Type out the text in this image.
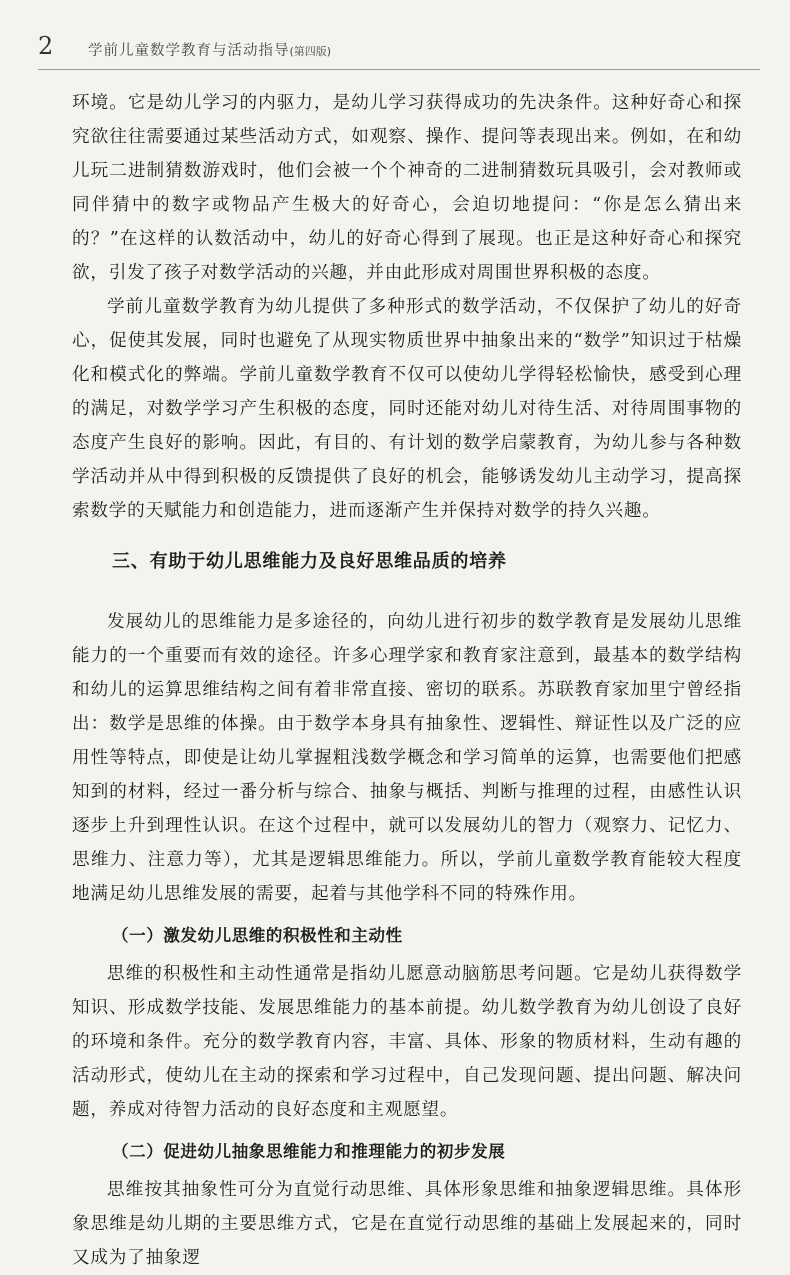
2 学前儿童数学教育与活动指导(第四版)

环境。它是幼儿学习的内驱力，是幼儿学习获得成功的先决条件。这种好奇心和探究欲往往需要通过某些活动方式，如观察、操作、提问等表现出来。例如，在和幼儿玩二进制猜数游戏时，他们会被一个个神奇的二进制猜数玩具吸引，会对教师或同伴猜中的数字或物品产生极大的好奇心，会迫切地提问：“你是怎么猜出来的？”在这样的认数活动中，幼儿的好奇心得到了展现。也正是这种好奇心和探究欲，引发了孩子对数学活动的兴趣，并由此形成对周围世界积极的态度。

学前儿童数学教育为幼儿提供了多种形式的数学活动，不仅保护了幼儿的好奇心，促使其发展，同时也避免了从现实物质世界中抽象出来的“数学”知识过于枯燥化和模式化的弊端。学前儿童数学教育不仅可以使幼儿学得轻松愉快，感受到心理的满足，对数学学习产生积极的态度，同时还能对幼儿对待生活、对待周围事物的态度产生良好的影响。因此，有目的、有计划的数学启蒙教育，为幼儿参与各种数学活动并从中得到积极的反馈提供了良好的机会，能够诱发幼儿主动学习，提高探索数学的天赋能力和创造能力，进而逐渐产生并保持对数学的持久兴趣。

三、有助于幼儿思维能力及良好思维品质的培养

发展幼儿的思维能力是多途径的，向幼儿进行初步的数学教育是发展幼儿思维能力的一个重要而有效的途径。许多心理学家和教育家注意到，最基本的数学结构和幼儿的运算思维结构之间有着非常直接、密切的联系。苏联教育家加里宁曾经指出：数学是思维的体操。由于数学本身具有抽象性、逻辑性、辩证性以及广泛的应用性等特点，即使是让幼儿掌握粗浅数学概念和学习简单的运算，也需要他们把感知到的材料，经过一番分析与综合、抽象与概括、判断与推理的过程，由感性认识逐步上升到理性认识。在这个过程中，就可以发展幼儿的智力（观察力、记忆力、思维力、注意力等），尤其是逻辑思维能力。所以，学前儿童数学教育能较大程度地满足幼儿思维发展的需要，起着与其他学科不同的特殊作用。

（一）激发幼儿思维的积极性和主动性

思维的积极性和主动性通常是指幼儿愿意动脑筋思考问题。它是幼儿获得数学知识、形成数学技能、发展思维能力的基本前提。幼儿数学教育为幼儿创设了良好的环境和条件。充分的数学教育内容，丰富、具体、形象的物质材料，生动有趣的活动形式，使幼儿在主动的探索和学习过程中，自己发现问题、提出问题、解决问题，养成对待智力活动的良好态度和主观愿望。

（二）促进幼儿抽象思维能力和推理能力的初步发展

思维按其抽象性可分为直觉行动思维、具体形象思维和抽象逻辑思维。具体形象思维是幼儿期的主要思维方式，它是在直觉行动思维的基础上发展起来的，同时又成为了抽象逻
